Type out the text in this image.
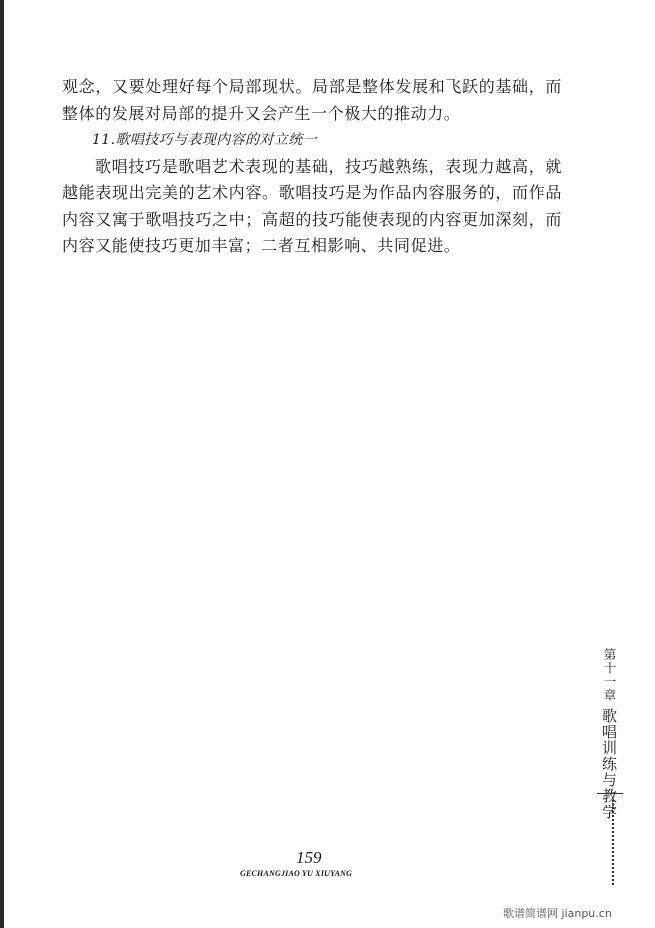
观念，又要处理好每个局部现状。局部是整体发展和飞跃的基础，而整体的发展对局部的提升又会产生一个极大的推动力。

11.歌唱技巧与表现内容的对立统一

歌唱技巧是歌唱艺术表现的基础，技巧越熟练，表现力越高，就越能表现出完美的艺术内容。歌唱技巧是为作品内容服务的，而作品内容又寓于歌唱技巧之中；高超的技巧能使表现的内容更加深刻，而内容又能使技巧更加丰富；二者互相影响、共同促进。

第十一章
歌唱训练与教学
159
GECHANGJIAO YU XIUYANG
歌谱简谱网 jianpu.cn
